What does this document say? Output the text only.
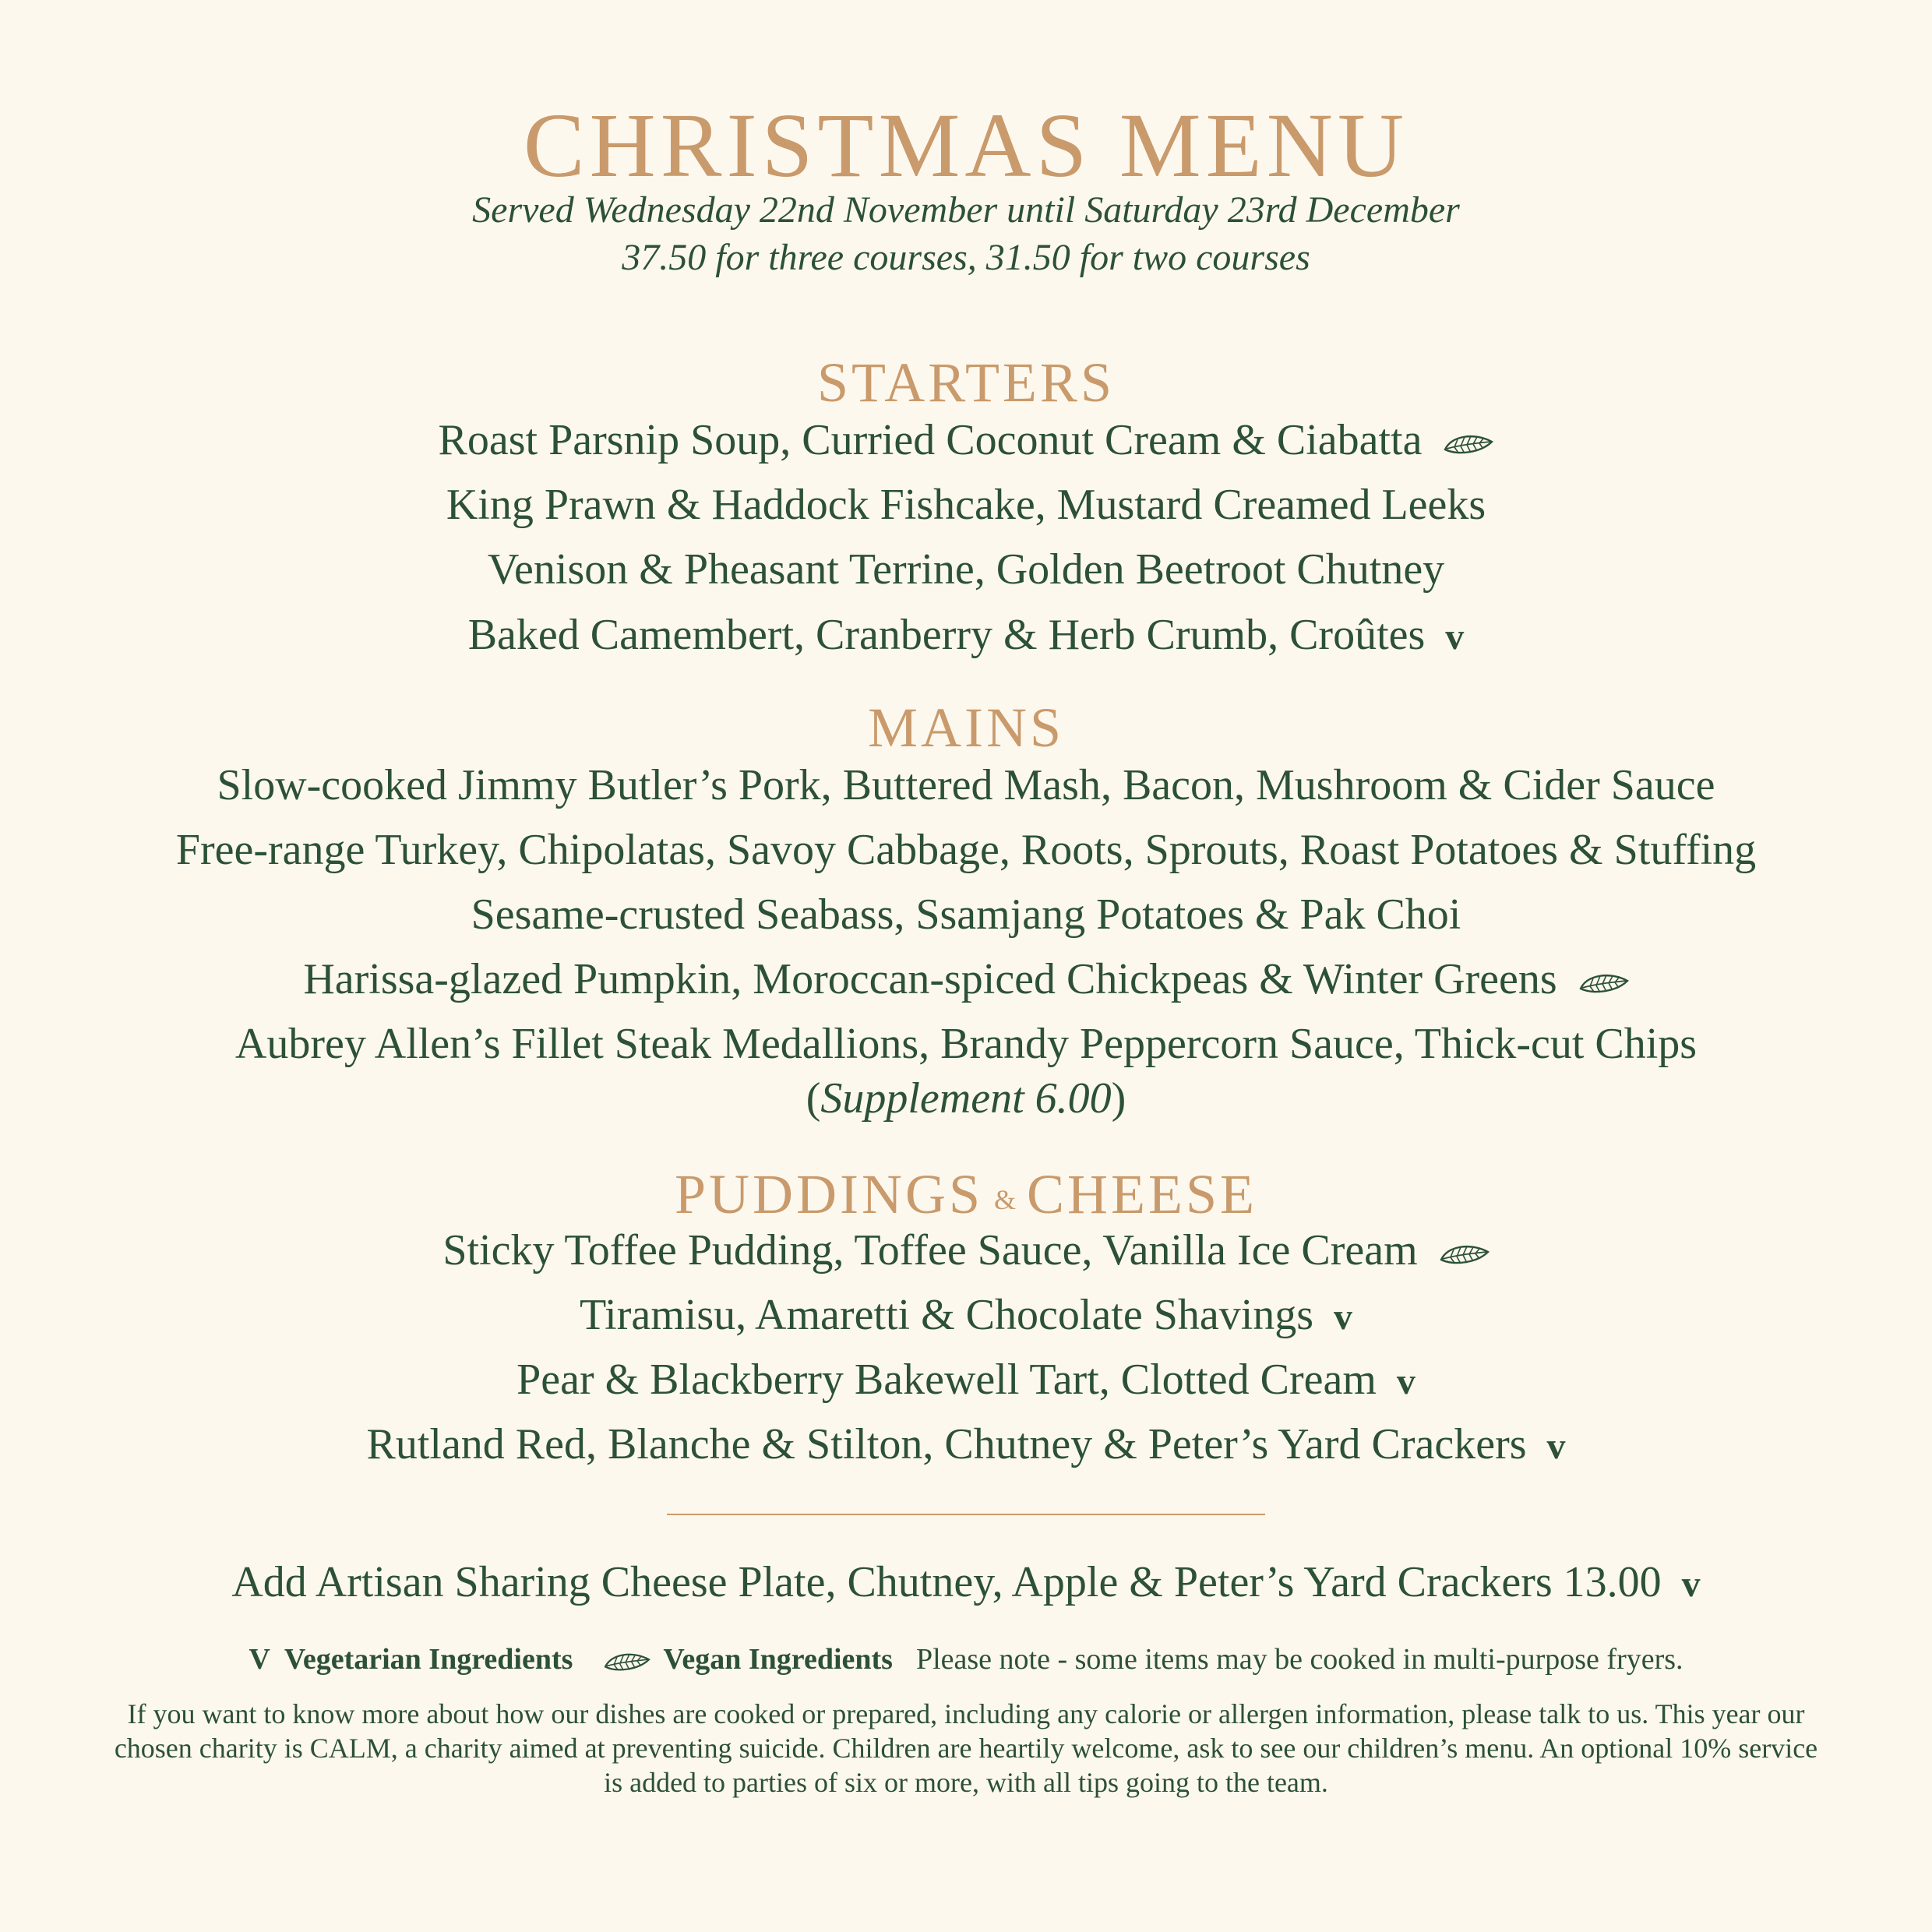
CHRISTMAS MENU
Served Wednesday 22nd November until Saturday 23rd December
37.50 for three courses, 31.50 for two courses
STARTERS
Roast Parsnip Soup, Curried Coconut Cream & Ciabatta
King Prawn & Haddock Fishcake, Mustard Creamed Leeks
Venison & Pheasant Terrine, Golden Beetroot Chutney
Baked Camembert, Cranberry & Herb Crumb, Croûtes v
MAINS
Slow-cooked Jimmy Butler’s Pork, Buttered Mash, Bacon, Mushroom & Cider Sauce
Free-range Turkey, Chipolatas, Savoy Cabbage, Roots, Sprouts, Roast Potatoes & Stuffing
Sesame-crusted Seabass, Ssamjang Potatoes & Pak Choi
Harissa-glazed Pumpkin, Moroccan-spiced Chickpeas & Winter Greens
Aubrey Allen’s Fillet Steak Medallions, Brandy Peppercorn Sauce, Thick-cut Chips
(Supplement 6.00)
PUDDINGS & CHEESE
Sticky Toffee Pudding, Toffee Sauce, Vanilla Ice Cream
Tiramisu, Amaretti & Chocolate Shavings v
Pear & Blackberry Bakewell Tart, Clotted Cream v
Rutland Red, Blanche & Stilton, Chutney & Peter’s Yard Crackers v
Add Artisan Sharing Cheese Plate, Chutney, Apple & Peter’s Yard Crackers 13.00 v
V Vegetarian Ingredients	Vegan Ingredients Please note - some items may be cooked in multi-purpose fryers.
If you want to know more about how our dishes are cooked or prepared, including any calorie or allergen information, please talk to us. This year our chosen charity is CALM, a charity aimed at preventing suicide. Children are heartily welcome, ask to see our children’s menu. An optional 10% service is added to parties of six or more, with all tips going to the team.
